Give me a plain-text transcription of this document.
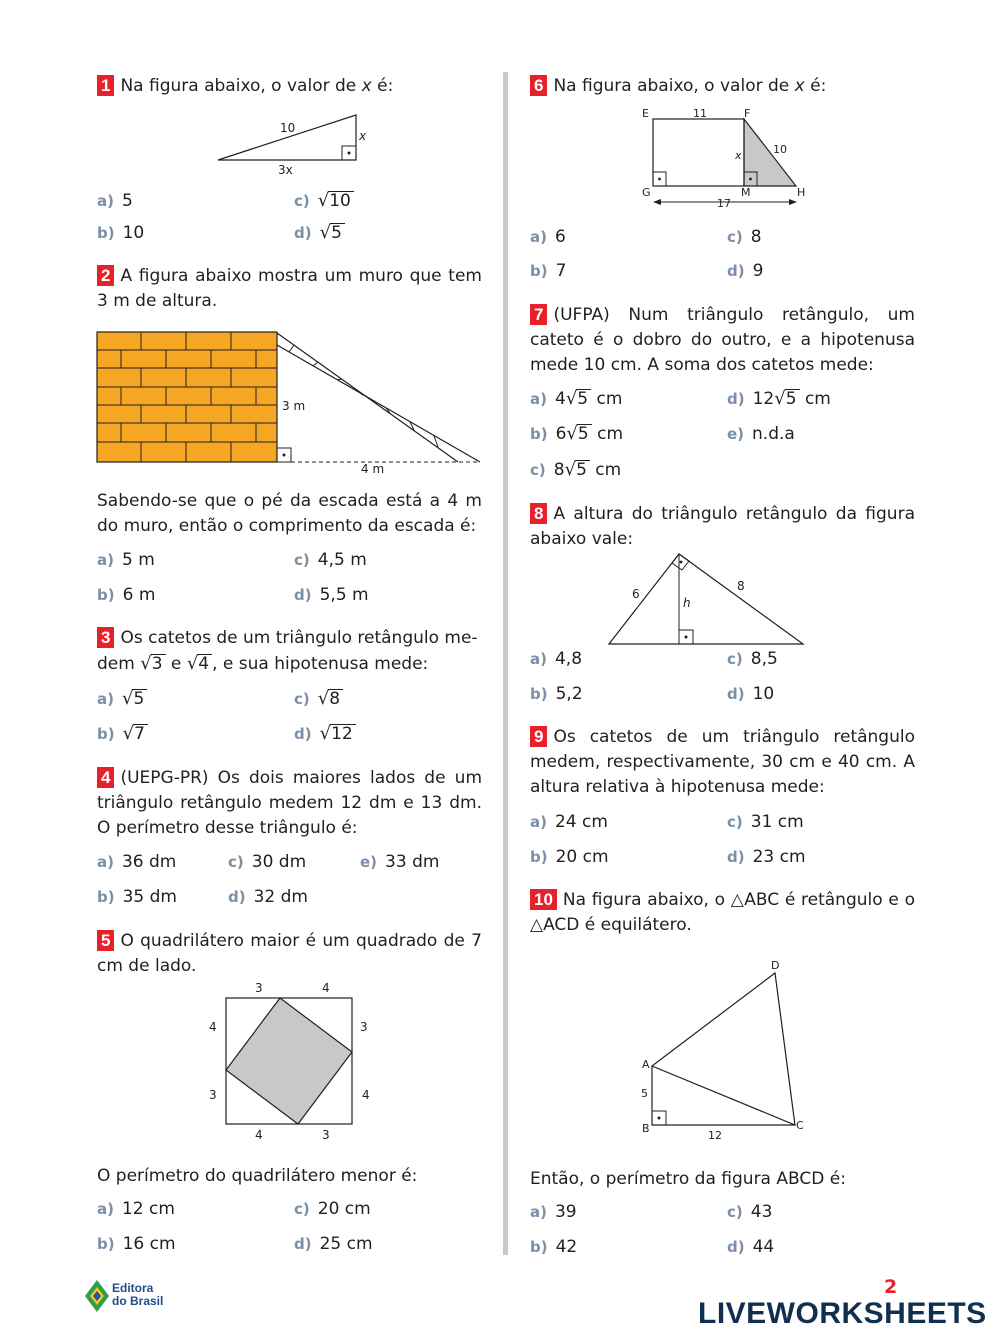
1 Na figura abaixo, o valor de x é:
10
x
3x
a) 5
b) 10
c) √10
d) √5
2 A figura abaixo mostra um muro que tem 3 m de altura.
3 m
4 m
Sabendo-se que o pé da escada está a 4 m do muro, então o comprimento da escada é:
a) 5 m
b) 6 m
c) 4,5 m
d) 5,5 m
3 Os catetos de um triângulo retângulo me-
dem √3 e √4 , e sua hipotenusa mede:
a) √5
b) √7
c) √8
d) √12
4 (UEPG-PR) Os dois maiores lados de um triângulo retângulo medem 12 dm e 13 dm. O perímetro desse triângulo é:
a) 36 dm
b) 35 dm
c) 30 dm
d) 32 dm
e) 33 dm
5 O quadrilátero maior é um quadrado de 7 cm de lado.
3	4
4
3
3
4
4	3
O perímetro do quadrilátero menor é:
a) 12 cm
b) 16 cm
c) 20 cm
d) 25 cm
6 Na figura abaixo, o valor de x é:
E	F
G	M	H
11
10
x
17
a) 6
b) 7
c) 8
d) 9
7 (UFPA) Num triângulo retângulo, um cateto é o dobro do outro, e a hipotenusa mede 10 cm. A soma dos catetos mede:
a) 4√5 cm
b) 6√5 cm
c) 8√5 cm
d) 12√5 cm
e) n.d.a
8 A altura do triângulo retângulo da figura abaixo vale:
6
8
h
a) 4,8
b) 5,2
c) 8,5
d) 10
9 Os catetos de um triângulo retângulo medem, respectivamente, 30 cm e 40 cm. A altura relativa à hipotenusa mede:
a) 24 cm
b) 20 cm
c) 31 cm
d) 23 cm
10 Na figura abaixo, o △ABC é retângulo e o △ACD é equilátero.
A
B	C
D
5
12
Então, o perímetro da figura ABCD é:
a) 39
b) 42
c) 43
d) 44
Editora
do Brasil
2
LIVEWORKSHEETS
